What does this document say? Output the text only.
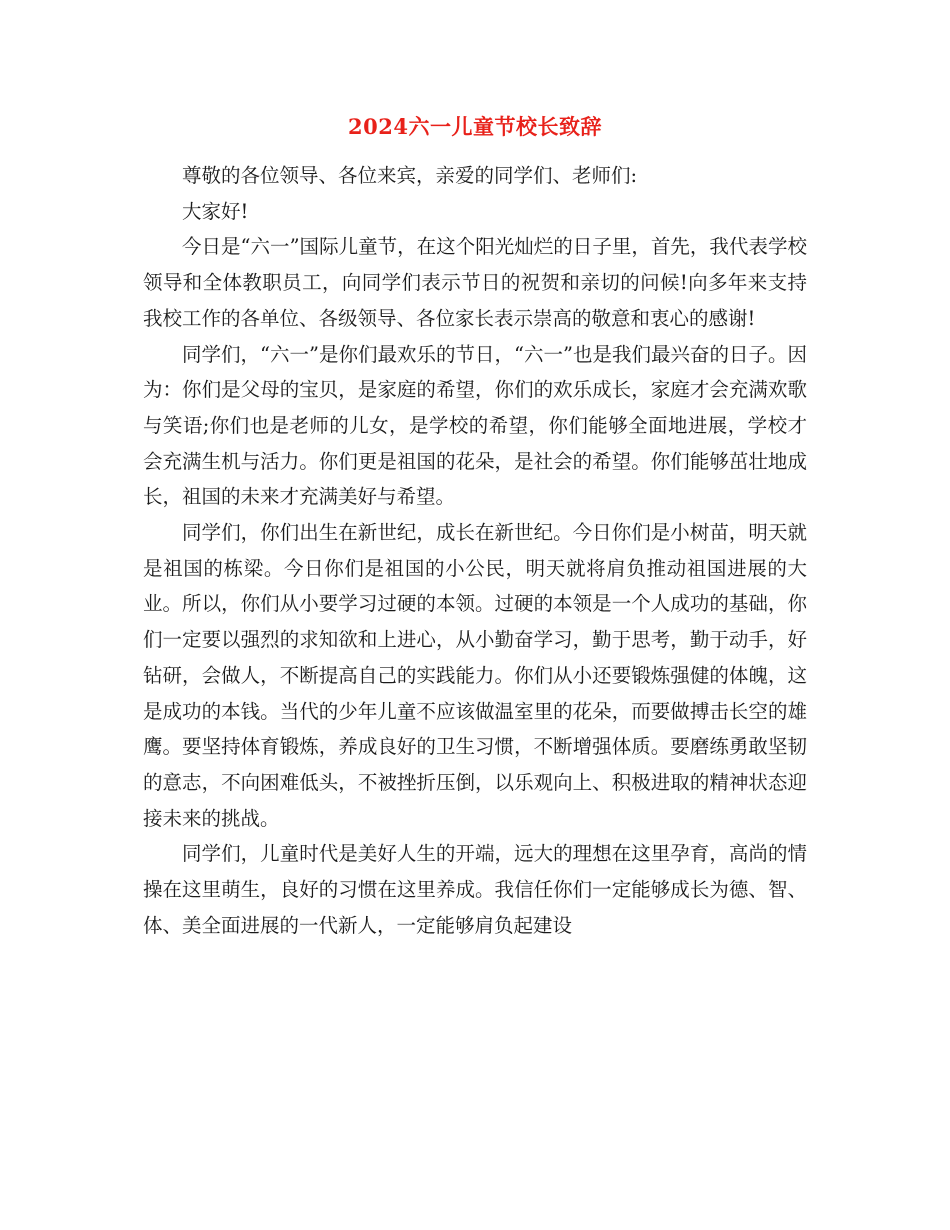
2024六一儿童节校长致辞

尊敬的各位领导、各位来宾，亲爱的同学们、老师们:

大家好!

今日是“六一”国际儿童节，在这个阳光灿烂的日子里，首先，我代表学校领导和全体教职员工，向同学们表示节日的祝贺和亲切的问候!向多年来支持我校工作的各单位、各级领导、各位家长表示崇高的敬意和衷心的感谢!

同学们，“六一”是你们最欢乐的节日，“六一”也是我们最兴奋的日子。因为：你们是父母的宝贝，是家庭的希望，你们的欢乐成长，家庭才会充满欢歌与笑语;你们也是老师的儿女，是学校的希望，你们能够全面地进展，学校才会充满生机与活力。你们更是祖国的花朵，是社会的希望。你们能够茁壮地成长，祖国的未来才充满美好与希望。

同学们，你们出生在新世纪，成长在新世纪。今日你们是小树苗，明天就是祖国的栋梁。今日你们是祖国的小公民，明天就将肩负推动祖国进展的大业。所以，你们从小要学习过硬的本领。过硬的本领是一个人成功的基础，你们一定要以强烈的求知欲和上进心，从小勤奋学习，勤于思考，勤于动手，好钻研，会做人，不断提高自己的实践能力。你们从小还要锻炼强健的体魄，这是成功的本钱。当代的少年儿童不应该做温室里的花朵，而要做搏击长空的雄鹰。要坚持体育锻炼，养成良好的卫生习惯，不断增强体质。要磨练勇敢坚韧的意志，不向困难低头，不被挫折压倒，以乐观向上、积极进取的精神状态迎接未来的挑战。

同学们，儿童时代是美好人生的开端，远大的理想在这里孕育，高尚的情操在这里萌生，良好的习惯在这里养成。我信任你们一定能够成长为德、智、体、美全面进展的一代新人，一定能够肩负起建设
